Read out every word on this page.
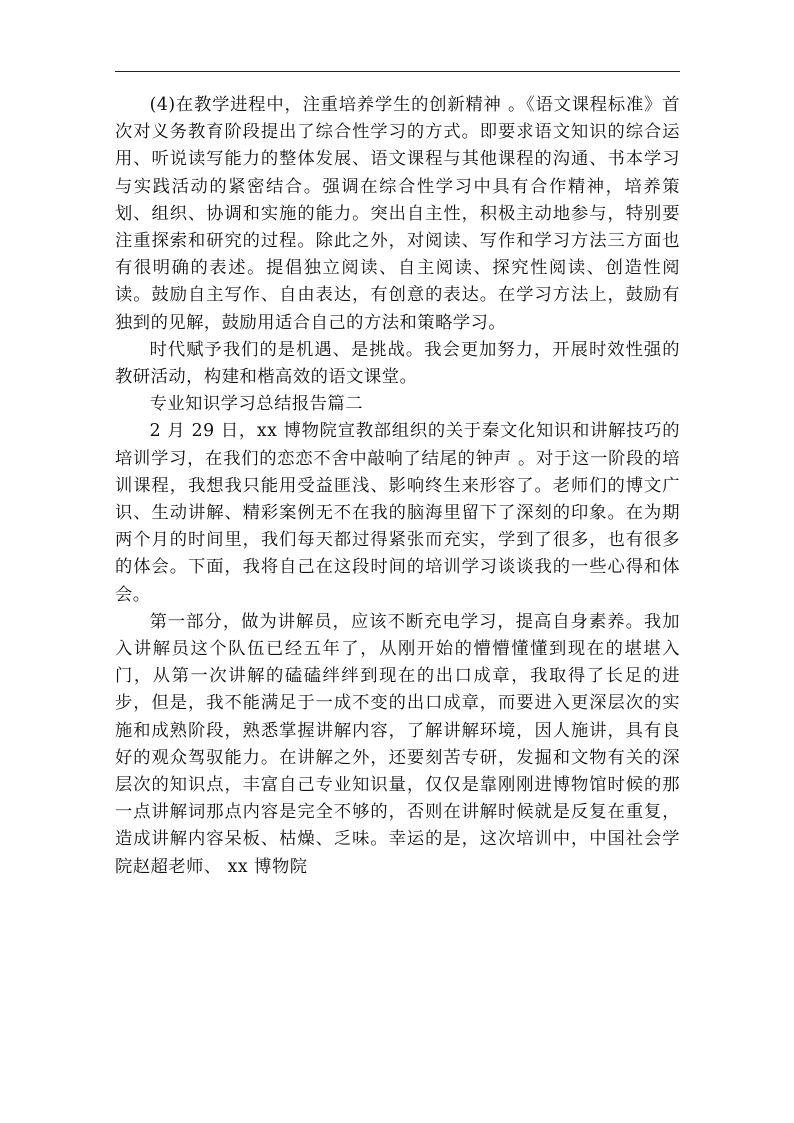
(4)在教学进程中，注重培养学生的创新精神 。《语文课程标准》首次对义务教育阶段提出了综合性学习的方式。即要求语文知识的综合运用、听说读写能力的整体发展、语文课程与其他课程的沟通、书本学习与实践活动的紧密结合。强调在综合性学习中具有合作精神，培养策划、组织、协调和实施的能力。突出自主性，积极主动地参与，特别要注重探索和研究的过程。除此之外，对阅读、写作和学习方法三方面也有很明确的表述。提倡独立阅读、自主阅读、探究性阅读、创造性阅读。鼓励自主写作、自由表达，有创意的表达。在学习方法上，鼓励有独到的见解，鼓励用适合自己的方法和策略学习。

时代赋予我们的是机遇、是挑战。我会更加努力，开展时效性强的教研活动，构建和楷高效的语文课堂。

专业知识学习总结报告篇二

2 月 29 日，xx 博物院宣教部组织的关于秦文化知识和讲解技巧的培训学习，在我们的恋恋不舍中敲响了结尾的钟声 。对于这一阶段的培训课程，我想我只能用受益匪浅、影响终生来形容了。老师们的博文广识、生动讲解、精彩案例无不在我的脑海里留下了深刻的印象。在为期两个月的时间里，我们每天都过得紧张而充实，学到了很多，也有很多的体会。下面，我将自己在这段时间的培训学习谈谈我的一些心得和体会。

第一部分，做为讲解员，应该不断充电学习，提高自身素养。我加入讲解员这个队伍已经五年了，从刚开始的懵懵懂懂到现在的堪堪入门，从第一次讲解的磕磕绊绊到现在的出口成章，我取得了长足的进步，但是，我不能满足于一成不变的出口成章，而要进入更深层次的实施和成熟阶段，熟悉掌握讲解内容，了解讲解环境，因人施讲，具有良好的观众驾驭能力。在讲解之外，还要刻苦专研，发掘和文物有关的深层次的知识点，丰富自己专业知识量，仅仅是靠刚刚进博物馆时候的那一点讲解词那点内容是完全不够的，否则在讲解时候就是反复在重复，造成讲解内容呆板、枯燥、乏味。幸运的是，这次培训中，中国社会学院赵超老师、 xx 博物院
